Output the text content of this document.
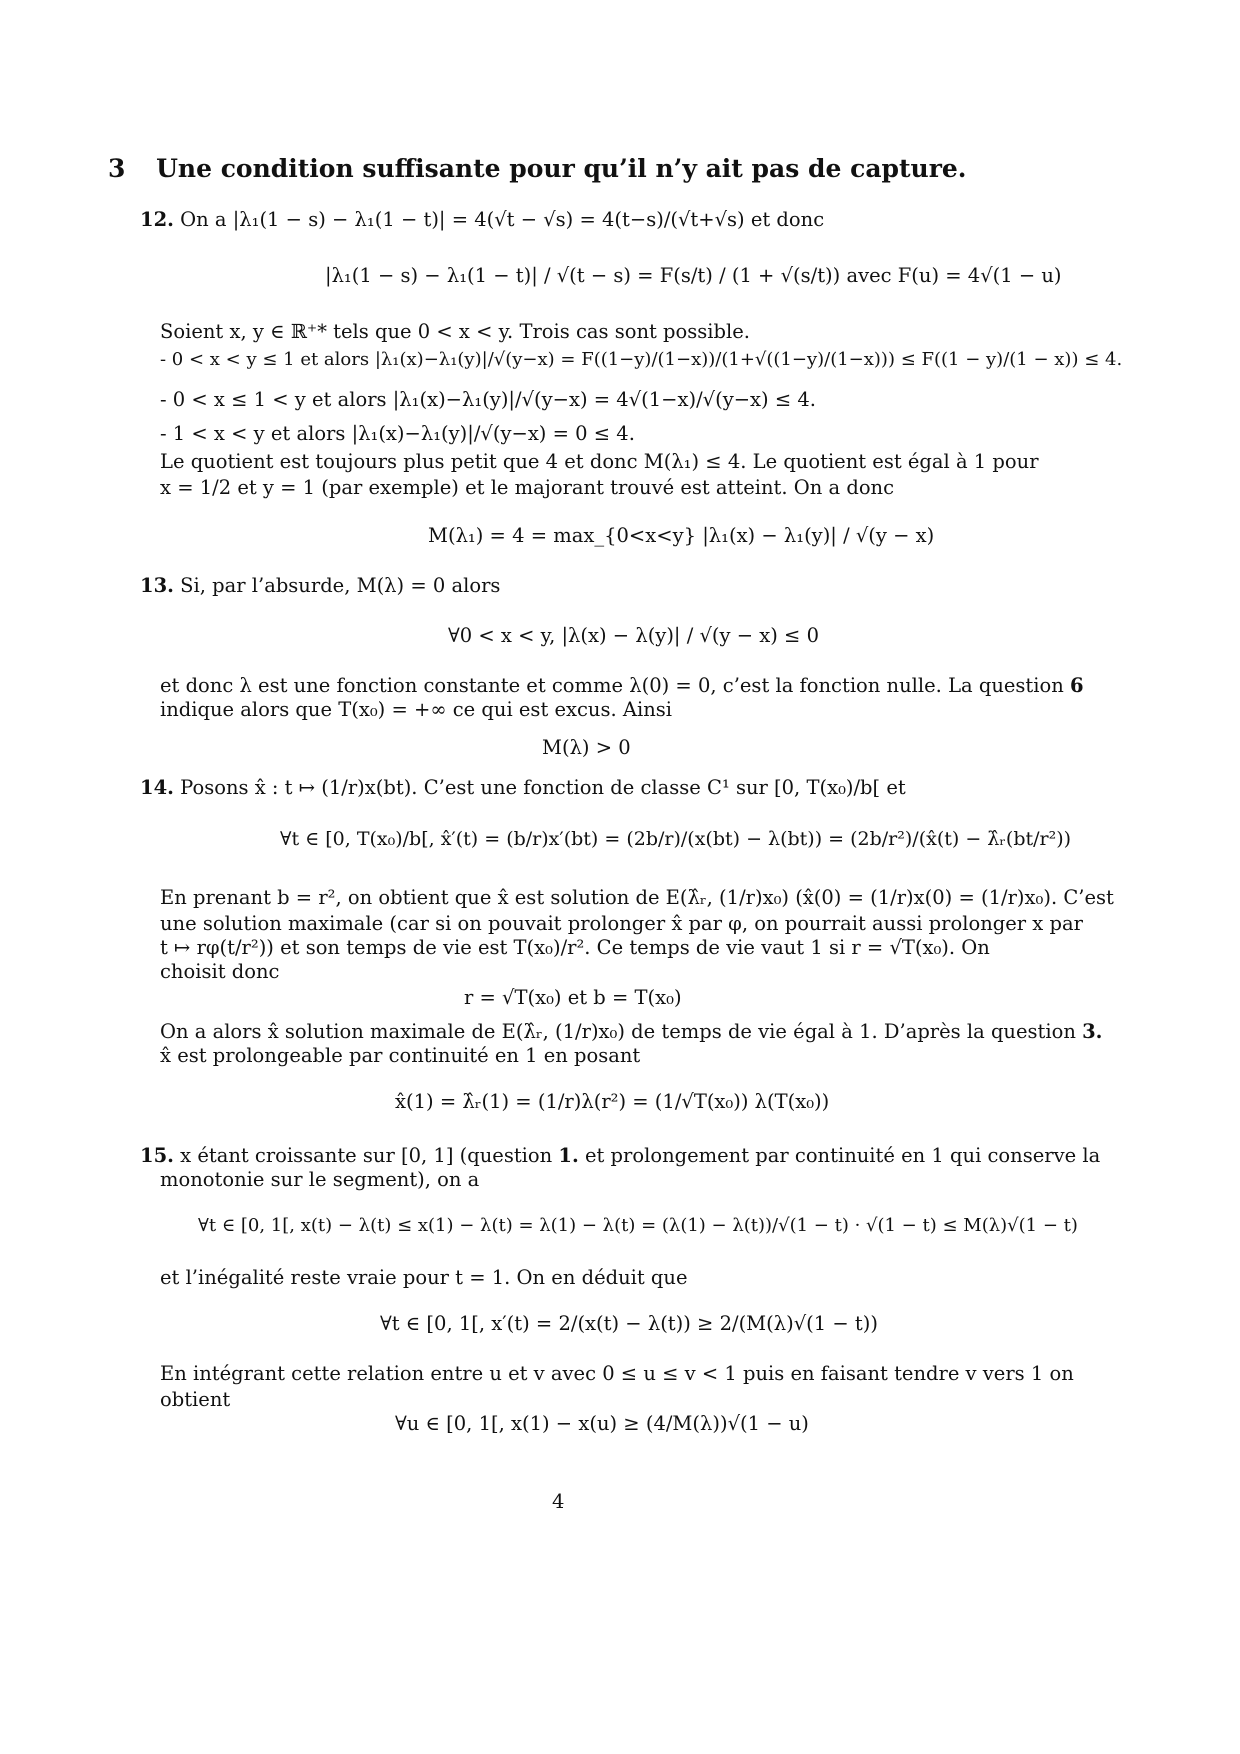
3 Une condition suffisante pour qu’il n’y ait pas de capture.
12. On a |λ₁(1 − s) − λ₁(1 − t)| = 4(√t − √s) = 4(t−s)/(√t+√s) et donc
|λ₁(1 − s) − λ₁(1 − t)| / √(t − s) = F(s/t) / (1 + √(s/t)) avec F(u) = 4√(1 − u)
Soient x, y ∈ ℝ⁺* tels que 0 < x < y. Trois cas sont possible.
- 0 < x < y ≤ 1 et alors |λ₁(x)−λ₁(y)|/√(y−x) = F((1−y)/(1−x))/(1+√((1−y)/(1−x))) ≤ F((1 − y)/(1 − x)) ≤ 4.
- 0 < x ≤ 1 < y et alors |λ₁(x)−λ₁(y)|/√(y−x) = 4√(1−x)/√(y−x) ≤ 4.
- 1 < x < y et alors |λ₁(x)−λ₁(y)|/√(y−x) = 0 ≤ 4.
Le quotient est toujours plus petit que 4 et donc M(λ₁) ≤ 4. Le quotient est égal à 1 pour
x = 1/2 et y = 1 (par exemple) et le majorant trouvé est atteint. On a donc
M(λ₁) = 4 = max_{0<x<y} |λ₁(x) − λ₁(y)| / √(y − x)
13. Si, par l’absurde, M(λ) = 0 alors
∀0 < x < y, |λ(x) − λ(y)| / √(y − x) ≤ 0
et donc λ est une fonction constante et comme λ(0) = 0, c’est la fonction nulle. La question 6
indique alors que T(x₀) = +∞ ce qui est excus. Ainsi
M(λ) > 0
14. Posons x̂ : t ↦ (1/r)x(bt). C’est une fonction de classe C¹ sur [0, T(x₀)/b[ et
∀t ∈ [0, T(x₀)/b[, x̂′(t) = (b/r)x′(bt) = (2b/r)/(x(bt) − λ(bt)) = (2b/r²)/(x̂(t) − λ̂ᵣ(bt/r²))
En prenant b = r², on obtient que x̂ est solution de E(λ̂ᵣ, (1/r)x₀) (x̂(0) = (1/r)x(0) = (1/r)x₀). C’est
une solution maximale (car si on pouvait prolonger x̂ par φ, on pourrait aussi prolonger x par
t ↦ rφ(t/r²)) et son temps de vie est T(x₀)/r². Ce temps de vie vaut 1 si r = √T(x₀). On
choisit donc
r = √T(x₀) et b = T(x₀)
On a alors x̂ solution maximale de E(λ̂ᵣ, (1/r)x₀) de temps de vie égal à 1. D’après la question 3.
x̂ est prolongeable par continuité en 1 en posant
x̂(1) = λ̂ᵣ(1) = (1/r)λ(r²) = (1/√T(x₀)) λ(T(x₀))
15. x étant croissante sur [0, 1] (question 1. et prolongement par continuité en 1 qui conserve la
monotonie sur le segment), on a
∀t ∈ [0, 1[, x(t) − λ(t) ≤ x(1) − λ(t) = λ(1) − λ(t) = (λ(1) − λ(t))/√(1 − t) · √(1 − t) ≤ M(λ)√(1 − t)
et l’inégalité reste vraie pour t = 1. On en déduit que
∀t ∈ [0, 1[, x′(t) = 2/(x(t) − λ(t)) ≥ 2/(M(λ)√(1 − t))
En intégrant cette relation entre u et v avec 0 ≤ u ≤ v < 1 puis en faisant tendre v vers 1 on
obtient
∀u ∈ [0, 1[, x(1) − x(u) ≥ (4/M(λ))√(1 − u)
4
